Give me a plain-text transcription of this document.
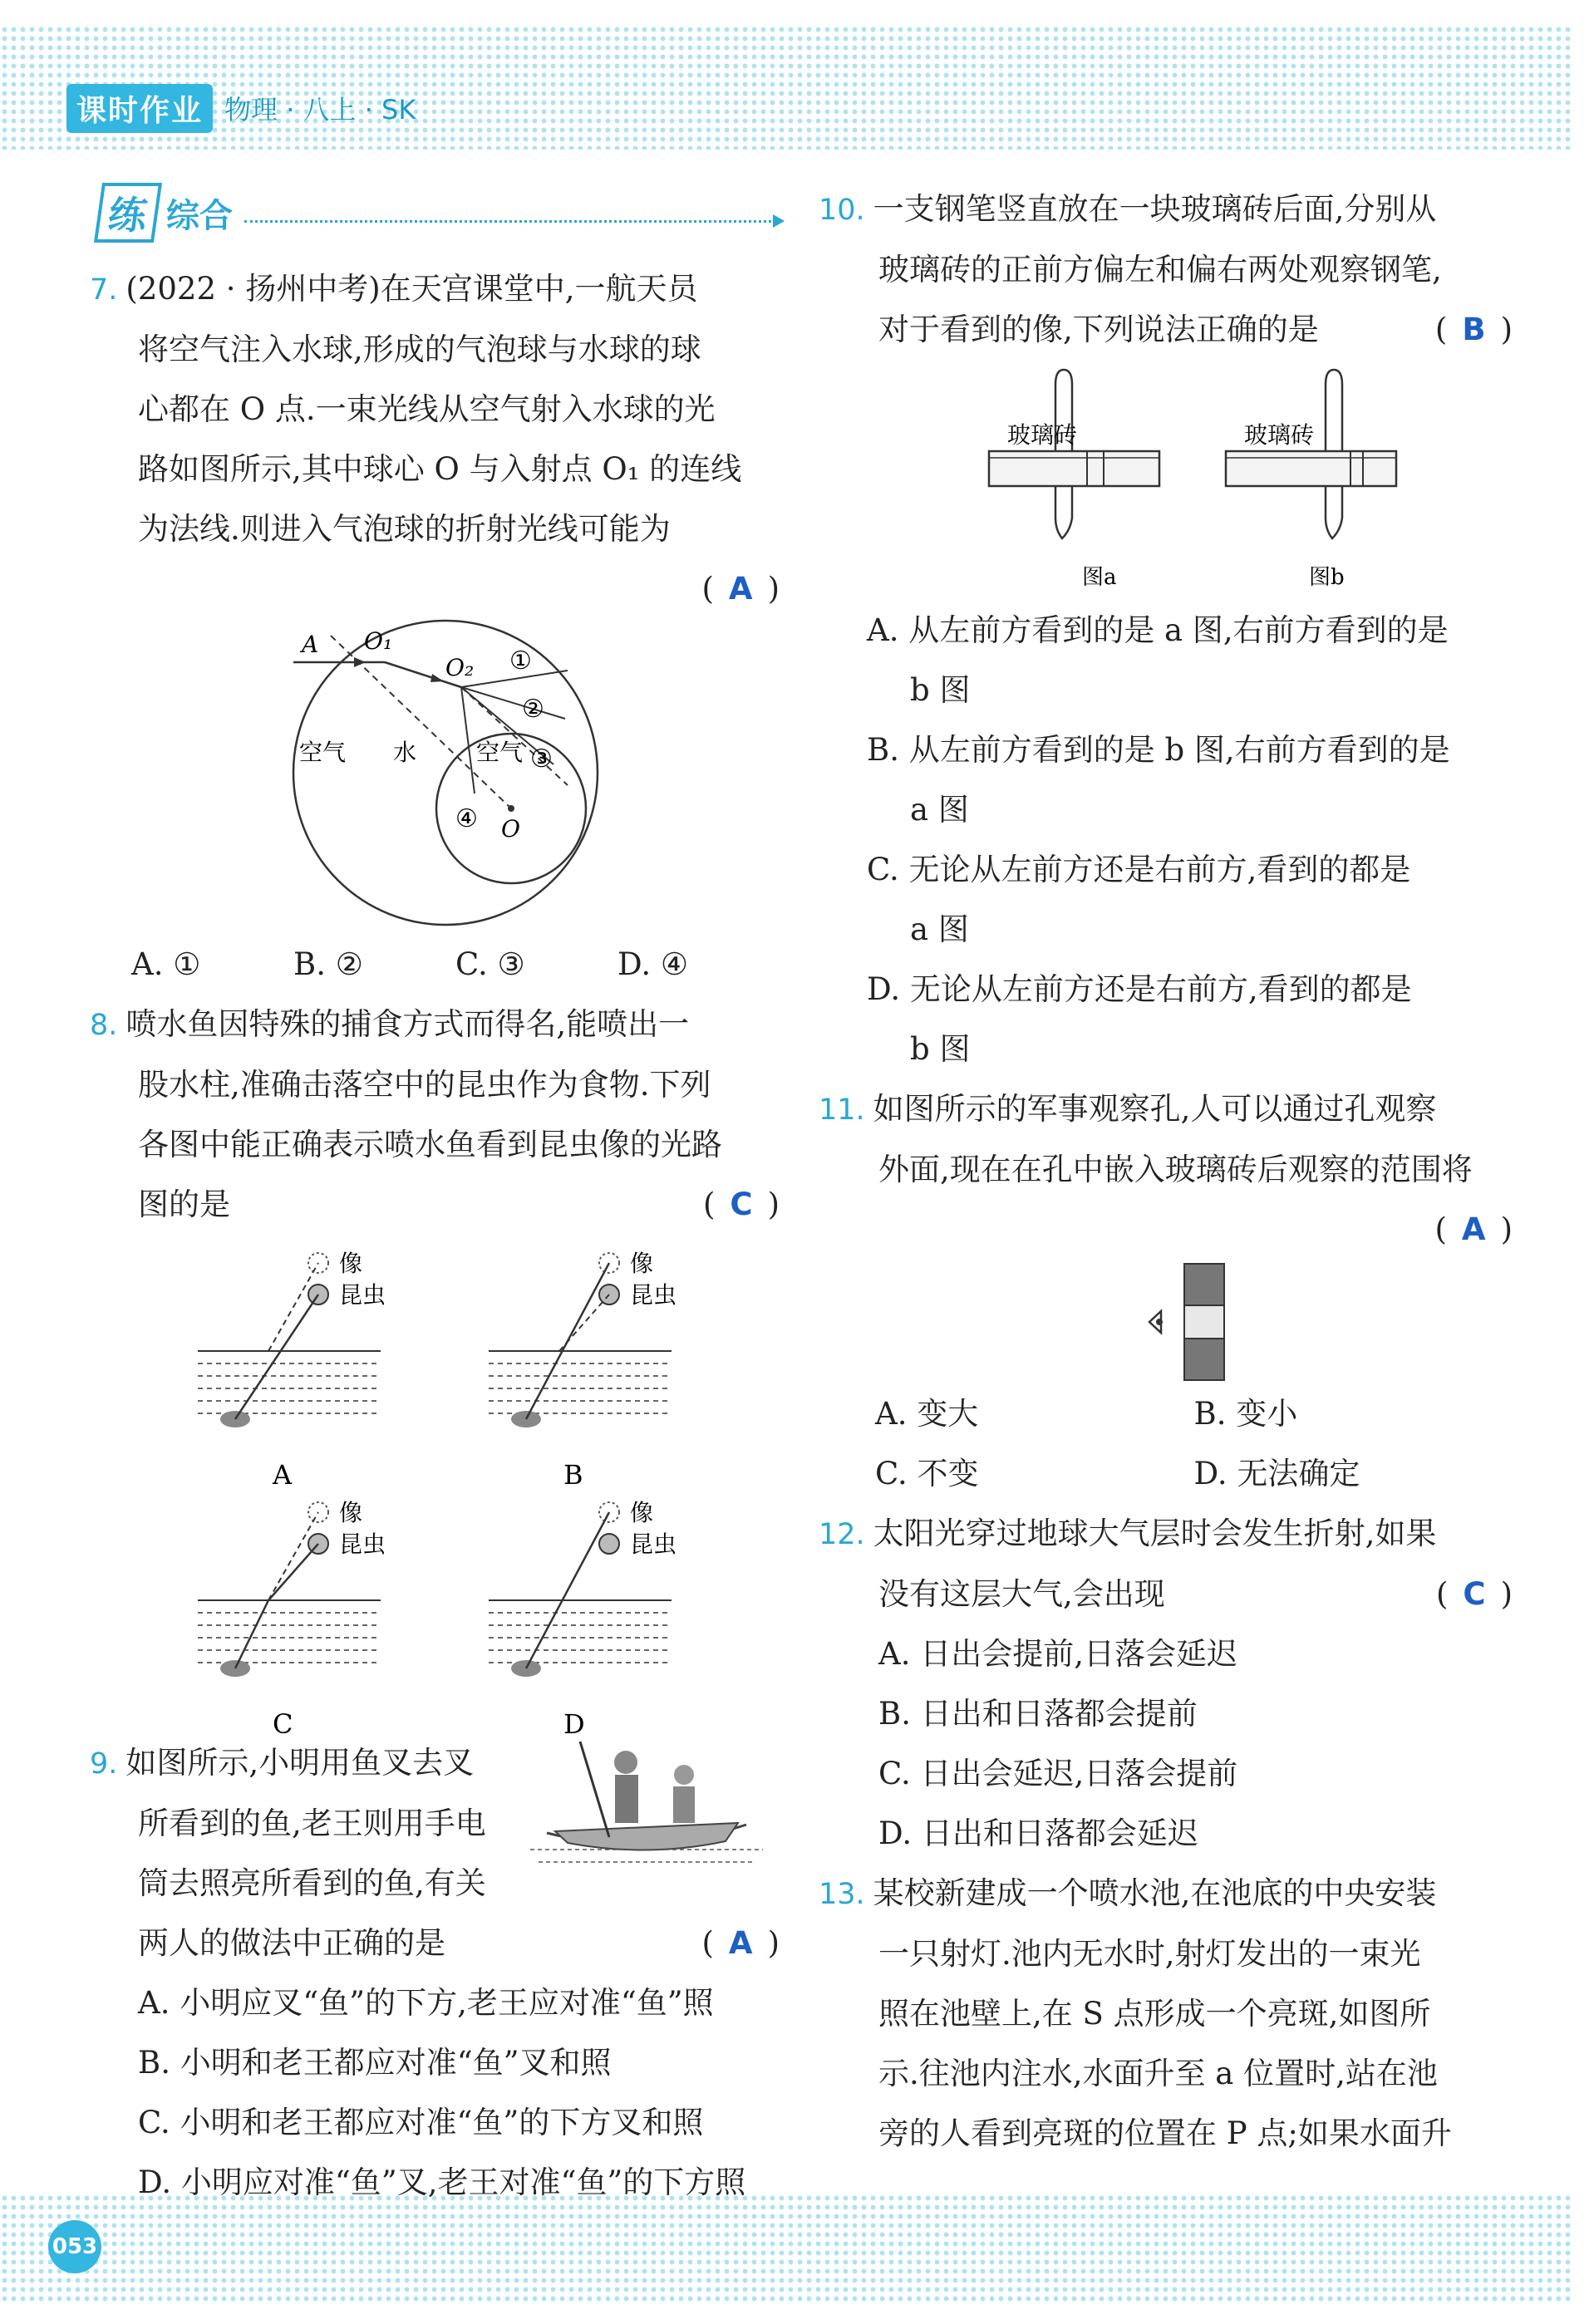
课时作业 物理 · 八上 · SK
练 综合
7. (2022 · 扬州中考)在天宫课堂中,一航天员
将空气注入水球,形成的气泡球与水球的球
心都在 O 点.一束光线从空气射入水球的光
路如图所示,其中球心 O 与入射点 O₁ 的连线
为法线.则进入气泡球的折射光线可能为
( A )
A O₁
O₂
O
①
②
③
④
空气 水	空气
A. ①	B. ②	C. ③	D. ④
8. 喷水鱼因特殊的捕食方式而得名,能喷出一
股水柱,准确击落空中的昆虫作为食物.下列
各图中能正确表示喷水鱼看到昆虫像的光路
图的是	( C )
像
昆虫
A
像
昆虫
B
像
昆虫
C
像
昆虫
D
9. 如图所示,小明用鱼叉去叉
所看到的鱼,老王则用手电
筒去照亮所看到的鱼,有关
两人的做法中正确的是	( A )
A. 小明应叉“鱼”的下方,老王应对准“鱼”照
B. 小明和老王都应对准“鱼”叉和照
C. 小明和老王都应对准“鱼”的下方叉和照
D. 小明应对准“鱼”叉,老王对准“鱼”的下方照
10. 一支钢笔竖直放在一块玻璃砖后面,分别从
玻璃砖的正前方偏左和偏右两处观察钢笔,
对于看到的像,下列说法正确的是	( B )
玻璃砖
图a
玻璃砖
图b
A. 从左前方看到的是 a 图,右前方看到的是
b 图
B. 从左前方看到的是 b 图,右前方看到的是
a 图
C. 无论从左前方还是右前方,看到的都是
a 图
D. 无论从左前方还是右前方,看到的都是
b 图
11. 如图所示的军事观察孔,人可以通过孔观察
外面,现在在孔中嵌入玻璃砖后观察的范围将
( A )
A. 变大	B. 变小
C. 不变	D. 无法确定
12. 太阳光穿过地球大气层时会发生折射,如果
没有这层大气,会出现	( C )
A. 日出会提前,日落会延迟
B. 日出和日落都会提前
C. 日出会延迟,日落会提前
D. 日出和日落都会延迟
13. 某校新建成一个喷水池,在池底的中央安装
一只射灯.池内无水时,射灯发出的一束光
照在池壁上,在 S 点形成一个亮斑,如图所
示.往池内注水,水面升至 a 位置时,站在池
旁的人看到亮斑的位置在 P 点;如果水面升
053
